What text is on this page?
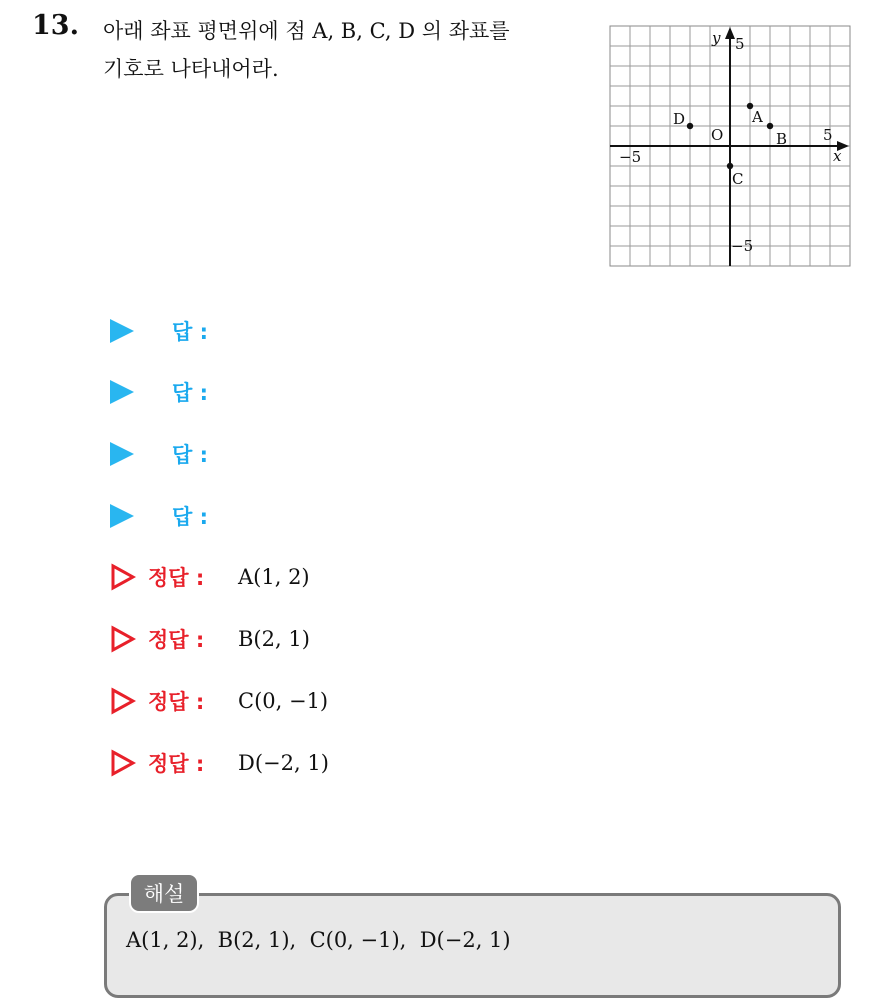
13. 아래 좌표 평면위에 점 A, B, C, D 의 좌표를
기호로 나타내어라.
x
y
O
−5
5
5
−5
A
B
C
D
답 :
답 :
답 :
답 :
정답 : A(1, 2)
정답 : B(2, 1)
정답 : C(0, −1)
정답 : D(−2, 1)
해설
A(1, 2),  B(2, 1),  C(0, −1),  D(−2, 1)
